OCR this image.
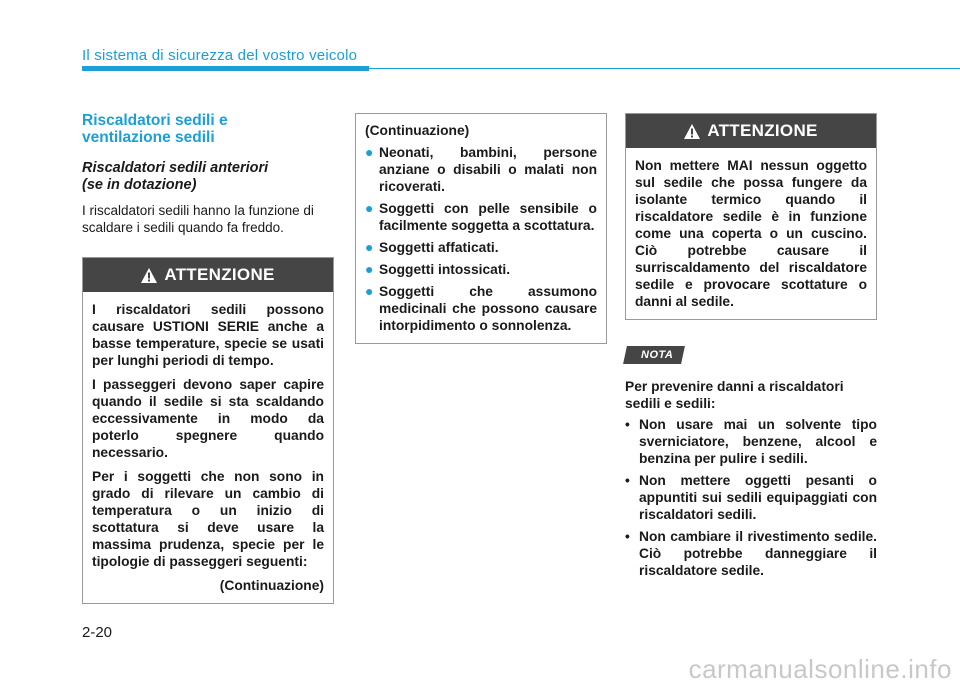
Il sistema di sicurezza del vostro veicolo
Riscaldatori sedili e
ventilazione sedili
Riscaldatori sedili anteriori
(se in dotazione)

I riscaldatori sedili hanno la funzione di scaldare i sedili quando fa freddo.

ATTENZIONE

I riscaldatori sedili possono causare USTIONI SERIE anche a basse temperature, specie se usati per lunghi periodi di tempo.

I passeggeri devono saper capire quando il sedile si sta scaldando eccessivamente in modo da poterlo spegnere quando necessario.

Per i soggetti che non sono in grado di rilevare un cambio di temperatura o un inizio di scottatura si deve usare la massima prudenza, specie per le tipologie di passeggeri seguenti:

(Continuazione)

(Continuazione)

● Neonati, bambini, persone anziane o disabili o malati non ricoverati.
● Soggetti con pelle sensibile o facilmente soggetta a scottatura.
● Soggetti affaticati.
● Soggetti intossicati.
● Soggetti che assumono medicinali che possono causare intorpidimento o sonnolenza.
ATTENZIONE

Non mettere MAI nessun oggetto sul sedile che possa fungere da isolante termico quando il riscaldatore sedile è in funzione come una coperta o un cuscino. Ciò potrebbe causare il surriscaldamento del riscaldatore sedile e provocare scottature o danni al sedile.

NOTA

Per prevenire danni a riscaldatori sedili e sedili:

• Non usare mai un solvente tipo sverniciatore, benzene, alcool e benzina per pulire i sedili.
• Non mettere oggetti pesanti o appuntiti sui sedili equipaggiati con riscaldatori sedili.
• Non cambiare il rivestimento sedile. Ciò potrebbe danneggiare il riscaldatore sedile.
2-20
carmanualsonline.info
